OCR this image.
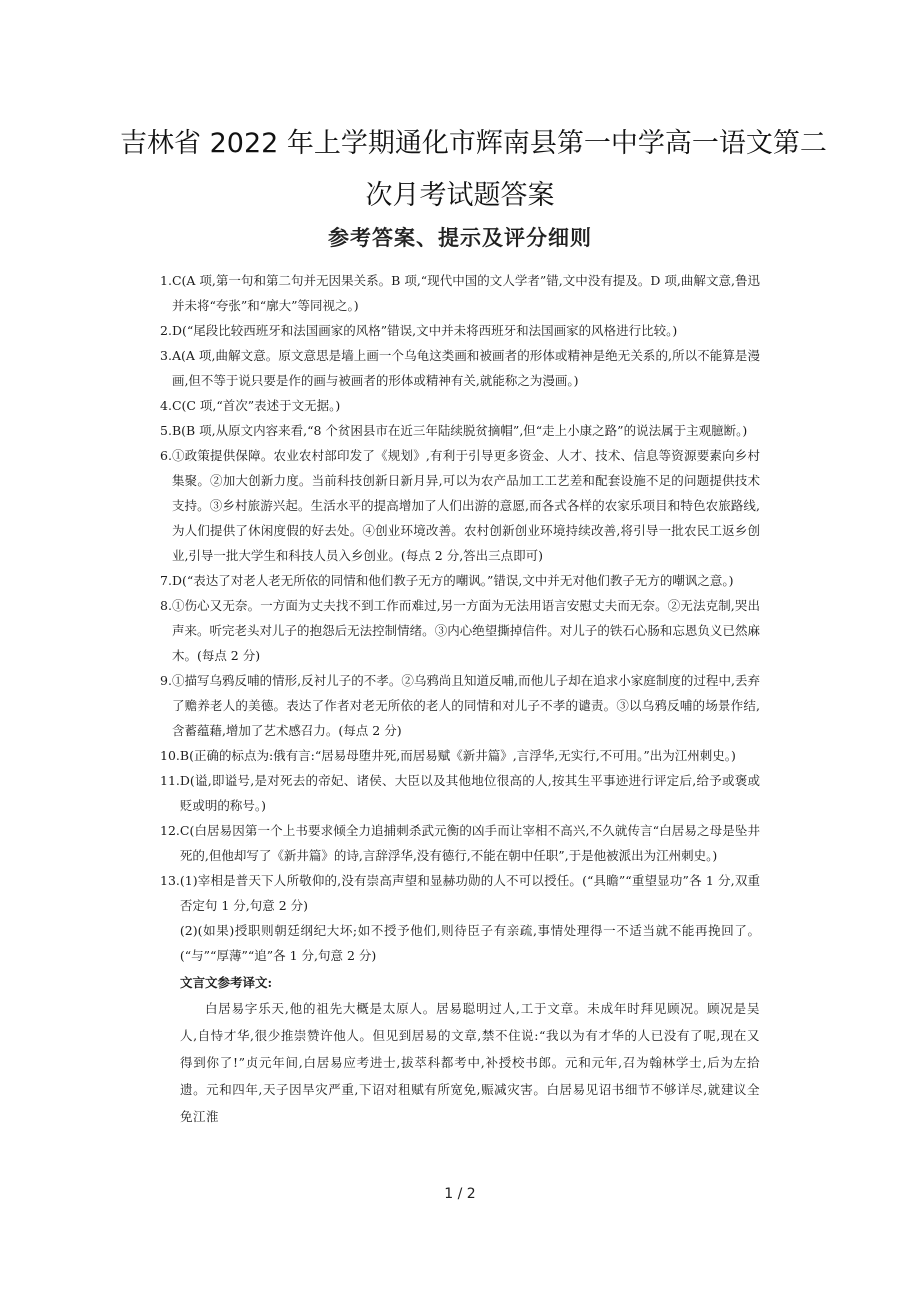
吉林省 2022 年上学期通化市辉南县第一中学高一语文第二
次月考试题答案
参考答案、提示及评分细则
1. C(A 项,第一句和第二句并无因果关系。B 项,“现代中国的文人学者”错,文中没有提及。D 项,曲解文意,鲁迅并未将“夸张”和“廓大”等同视之。)
2. D(“尾段比较西班牙和法国画家的风格”错误,文中并未将西班牙和法国画家的风格进行比较。)
3. A(A 项,曲解文意。原文意思是墙上画一个乌龟这类画和被画者的形体或精神是绝无关系的,所以不能算是漫画,但不等于说只要是作的画与被画者的形体或精神有关,就能称之为漫画。)
4. C(C 项,“首次”表述于文无据。)
5. B(B 项,从原文内容来看,“8 个贫困县市在近三年陆续脱贫摘帽”,但“走上小康之路”的说法属于主观臆断。)
6. ①政策提供保障。农业农村部印发了《规划》,有利于引导更多资金、人才、技术、信息等资源要素向乡村集聚。②加大创新力度。当前科技创新日新月异,可以为农产品加工工艺差和配套设施不足的问题提供技术支持。③乡村旅游兴起。生活水平的提高增加了人们出游的意愿,而各式各样的农家乐项目和特色农旅路线,为人们提供了休闲度假的好去处。④创业环境改善。农村创新创业环境持续改善,将引导一批农民工返乡创业,引导一批大学生和科技人员入乡创业。(每点 2 分,答出三点即可)
7. D(“表达了对老人老无所依的同情和他们教子无方的嘲讽。”错误,文中并无对他们教子无方的嘲讽之意。)
8. ①伤心又无奈。一方面为丈夫找不到工作而难过,另一方面为无法用语言安慰丈夫而无奈。②无法克制,哭出声来。听完老头对儿子的抱怨后无法控制情绪。③内心绝望撕掉信件。对儿子的铁石心肠和忘恩负义已然麻木。(每点 2 分)
9. ①描写乌鸦反哺的情形,反衬儿子的不孝。②乌鸦尚且知道反哺,而他儿子却在追求小家庭制度的过程中,丢弃了赡养老人的美德。表达了作者对老无所依的老人的同情和对儿子不孝的谴责。③以乌鸦反哺的场景作结,含蓄蕴藉,增加了艺术感召力。(每点 2 分)
10. B(正确的标点为:俄有言:“居易母堕井死,而居易赋《新井篇》,言浮华,无实行,不可用。”出为江州刺史。)
11. D(谥,即谥号,是对死去的帝妃、诸侯、大臣以及其他地位很高的人,按其生平事迹进行评定后,给予或褒或贬或明的称号。)
12. C(白居易因第一个上书要求倾全力追捕刺杀武元衡的凶手而让宰相不高兴,不久就传言“白居易之母是坠井死的,但他却写了《新井篇》的诗,言辞浮华,没有德行,不能在朝中任职”,于是他被派出为江州刺史。)
13. (1)宰相是普天下人所敬仰的,没有崇高声望和显赫功勋的人不可以授任。(“具瞻”“重望显功”各 1 分,双重否定句 1 分,句意 2 分)
(2)(如果)授职则朝廷纲纪大坏;如不授予他们,则待臣子有亲疏,事情处理得一不适当就不能再挽回了。(“与”“厚薄”“追”各 1 分,句意 2 分)
文言文参考译文:
白居易字乐天,他的祖先大概是太原人。居易聪明过人,工于文章。未成年时拜见顾况。顾况是吴人,自恃才华,很少推崇赞许他人。但见到居易的文章,禁不住说:“我以为有才华的人已没有了呢,现在又得到你了!”贞元年间,白居易应考进士,拔萃科都考中,补授校书郎。元和元年,召为翰林学士,后为左拾遗。元和四年,天子因旱灾严重,下诏对租赋有所宽免,赈减灾害。白居易见诏书细节不够详尽,就建议全免江淮
1 / 2
